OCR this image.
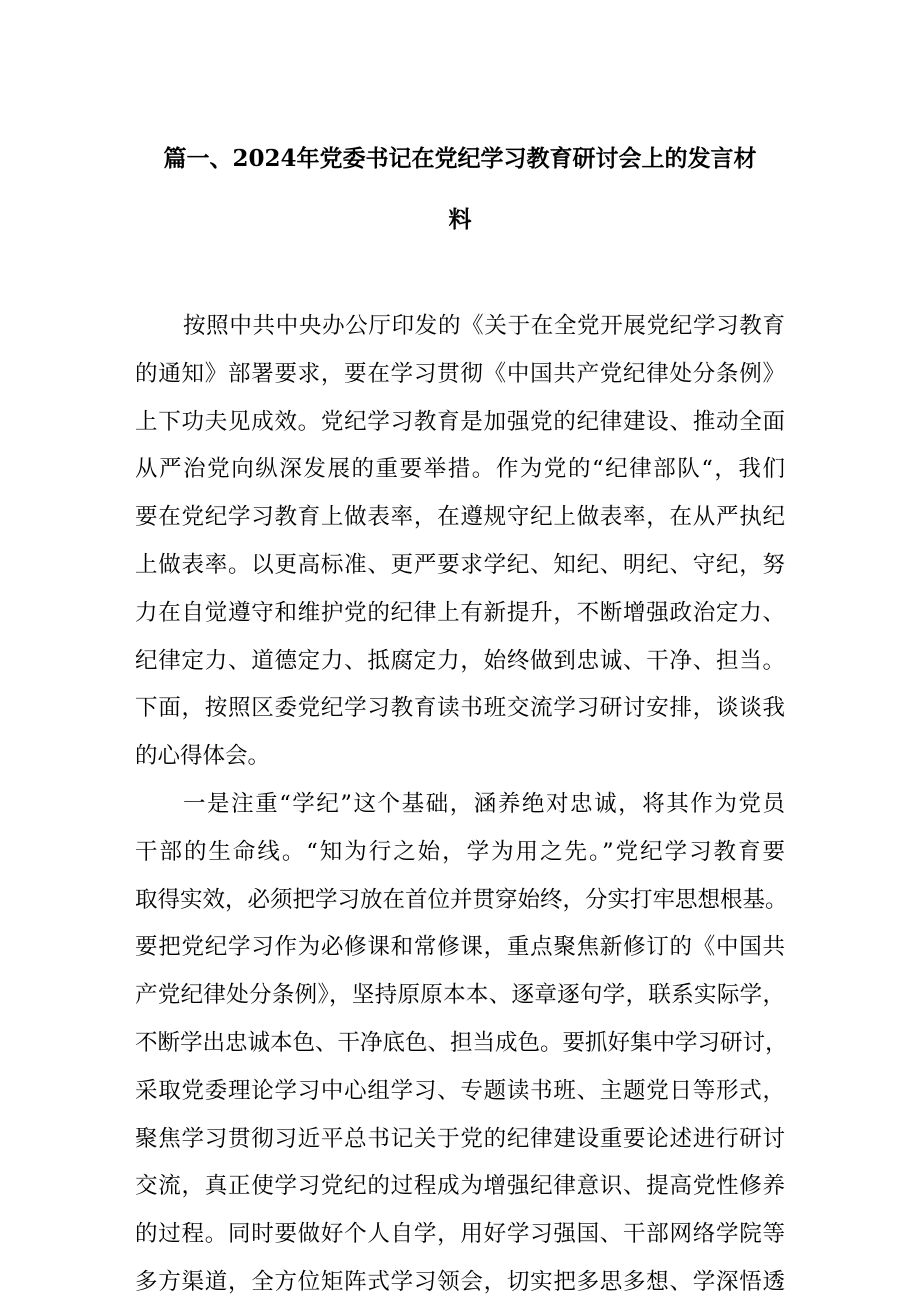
篇一、2024年党委书记在党纪学习教育研讨会上的发言材
料
按照中共中央办公厅印发的《关于在全党开展党纪学习教育
的通知》部署要求，要在学习贯彻《中国共产党纪律处分条例》
上下功夫见成效。党纪学习教育是加强党的纪律建设、推动全面
从严治党向纵深发展的重要举措。作为党的“纪律部队“，我们
要在党纪学习教育上做表率，在遵规守纪上做表率，在从严执纪
上做表率。以更高标准、更严要求学纪、知纪、明纪、守纪，努
力在自觉遵守和维护党的纪律上有新提升，不断增强政治定力、
纪律定力、道德定力、抵腐定力，始终做到忠诚、干净、担当。
下面，按照区委党纪学习教育读书班交流学习研讨安排，谈谈我
的心得体会。
一是注重“学纪”这个基础，涵养绝对忠诚，将其作为党员
干部的生命线。“知为行之始，学为用之先。”党纪学习教育要
取得实效，必须把学习放在首位并贯穿始终，分实打牢思想根基。
要把党纪学习作为必修课和常修课，重点聚焦新修订的《中国共
产党纪律处分条例》，坚持原原本本、逐章逐句学，联系实际学，
不断学出忠诚本色、干净底色、担当成色。要抓好集中学习研讨，
采取党委理论学习中心组学习、专题读书班、主题党日等形式，
聚焦学习贯彻习近平总书记关于党的纪律建设重要论述进行研讨
交流，真正使学习党纪的过程成为增强纪律意识、提高党性修养
的过程。同时要做好个人自学，用好学习强国、干部网络学院等
多方渠道，全方位矩阵式学习领会，切实把多思多想、学深悟透
